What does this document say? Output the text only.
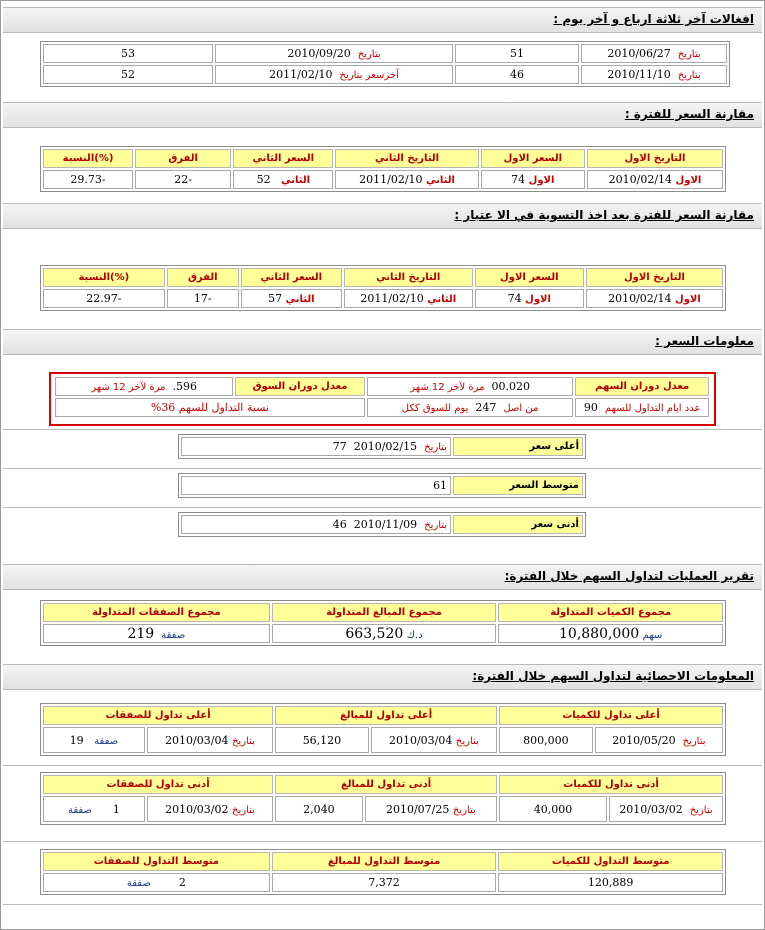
افغالات آخر ثلاثة ارباع و آخر يوم :
بتاريخ  2010/06/27	51	بتاريخ  2010/09/20	53
بتاريخ  2010/11/10	46	آخرسعر بتاريخ  2011/02/10	52
مقارنة السعر للفترة :
التاريخ الاول	السعر الاول	التاريخ الثاني	السعر الثاني	الفرق	(%)النسبة
الاول 2010/02/14	الاول 74	الثاني 2011/02/10	الثاني   52	-22	-29.73
مقارنة السعر للفترة بعد اخذ التسوية في الا عتبار :
التاريخ الاول	السعر الاول	التاريخ الثاني	السعر الثاني	الفرق	(%)النسبة
الاول 2010/02/14	الاول 74	الثاني 2011/02/10	الثاني 57	-17	-22.97
معلومات السعر :
معدل دوران السهم	00.020  مرة لآخر 12 شهر	معدل دوران السوق	596.  مرة لآخر 12 شهر
عدد ايام التداول للسهم  90	من اصل  247  يوم للسوق ككل	نسبة التداول للسهم 36%	
أعلى سعر	بتاريخ  2010/02/15  77
متوسط السعر	61
أدنى سعر	بتاريخ  2010/11/09  46
تقرير العمليات لتداول السهم خلال الفترة:
مجموع الكميات المتداولة	مجموع المبالغ المتداولة	مجموع الصفقات المتداولة
سهم 10,880,000	د.ك 663,520	صفقة  219
المعلومات الاحصائية لتداول السهم خلال الفترة:
أعلى تداول للكميات		أعلى تداول للمبالغ		أعلى تداول للصفقات	
بتاريخ  2010/05/20	800,000	بتاريخ 2010/03/04	56,120	بتاريخ 2010/03/04	صفقة   19
أدنى تداول للكميات		أدنى تداول للمبالغ		أدنى تداول للصفقات	
بتاريخ  2010/03/02	40,000	بتاريخ 2010/07/25	2,040	بتاريخ 2010/03/02	1      صفقة
متوسط التداول للكميات	متوسط التداول للمبالغ	متوسط التداول للصفقات
120,889	7,372	2        صفقة
